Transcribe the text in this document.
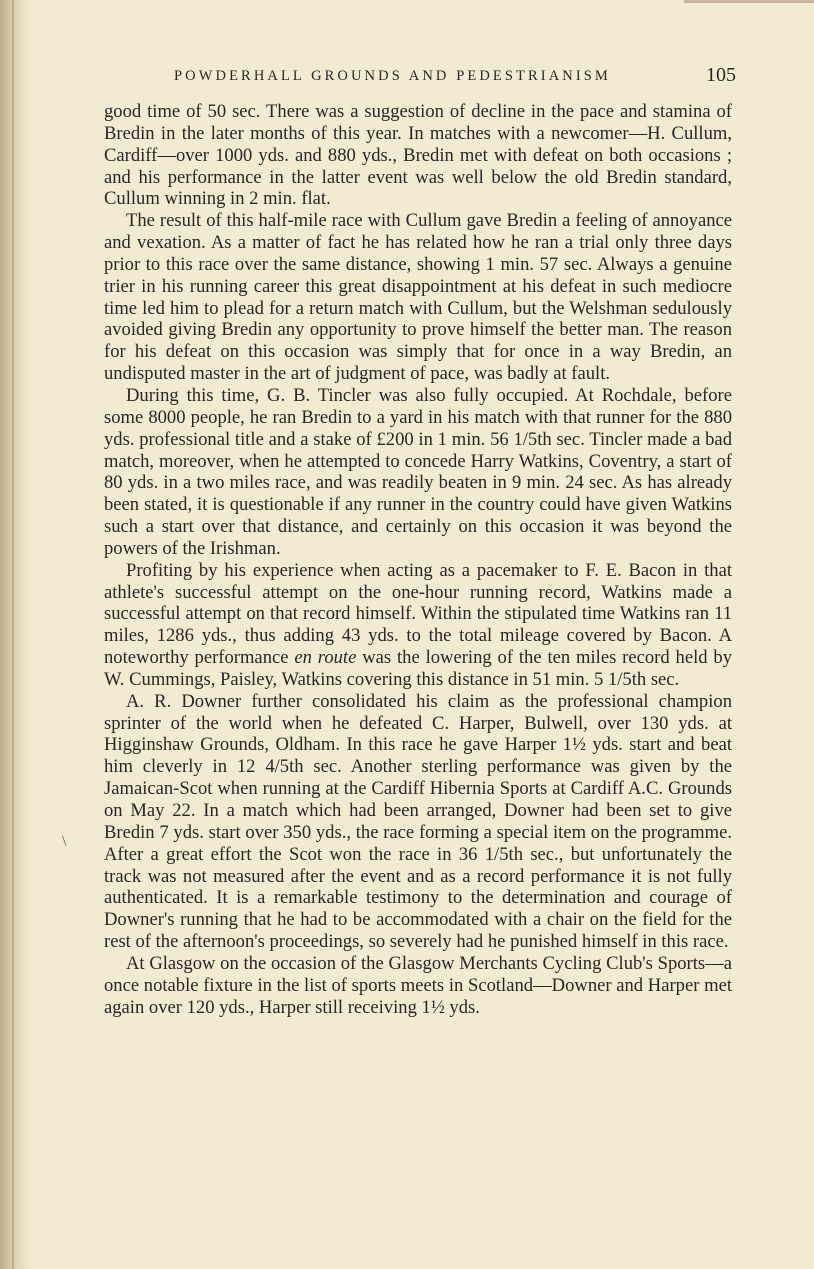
POWDERHALL GROUNDS AND PEDESTRIANISM	105
\

good time of 50 sec. There was a suggestion of decline in the pace and stamina of Bredin in the later months of this year. In matches with a newcomer—H. Cullum, Cardiff—over 1000 yds. and 880 yds., Bredin met with defeat on both occasions ; and his performance in the latter event was well below the old Bredin standard, Cullum winning in 2 min. flat.

The result of this half-mile race with Cullum gave Bredin a feeling of annoyance and vexation. As a matter of fact he has related how he ran a trial only three days prior to this race over the same distance, showing 1 min. 57 sec. Always a genuine trier in his running career this great disappointment at his defeat in such mediocre time led him to plead for a return match with Cullum, but the Welshman sedulously avoided giving Bredin any opportunity to prove himself the better man. The reason for his defeat on this occasion was simply that for once in a way Bredin, an undisputed master in the art of judgment of pace, was badly at fault.

During this time, G. B. Tincler was also fully occupied. At Rochdale, before some 8000 people, he ran Bredin to a yard in his match with that runner for the 880 yds. professional title and a stake of £200 in 1 min. 56 1/5th sec. Tincler made a bad match, moreover, when he attempted to concede Harry Watkins, Coventry, a start of 80 yds. in a two miles race, and was readily beaten in 9 min. 24 sec. As has already been stated, it is questionable if any runner in the country could have given Watkins such a start over that distance, and certainly on this occasion it was beyond the powers of the Irishman.

Profiting by his experience when acting as a pacemaker to F. E. Bacon in that athlete's successful attempt on the one-hour running record, Watkins made a successful attempt on that record himself. Within the stipulated time Watkins ran 11 miles, 1286 yds., thus adding 43 yds. to the total mileage covered by Bacon. A noteworthy performance en route was the lowering of the ten miles record held by W. Cummings, Paisley, Watkins covering this distance in 51 min. 5 1/5th sec.

A. R. Downer further consolidated his claim as the professional champion sprinter of the world when he defeated C. Harper, Bulwell, over 130 yds. at Higginshaw Grounds, Oldham. In this race he gave Harper 1½ yds. start and beat him cleverly in 12 4/5th sec. Another sterling performance was given by the Jamaican-Scot when running at the Cardiff Hibernia Sports at Cardiff A.C. Grounds on May 22. In a match which had been arranged, Downer had been set to give Bredin 7 yds. start over 350 yds., the race forming a special item on the programme. After a great effort the Scot won the race in 36 1/5th sec., but unfortunately the track was not measured after the event and as a record performance it is not fully authenticated. It is a remarkable testimony to the determination and courage of Downer's running that he had to be accommodated with a chair on the field for the rest of the afternoon's proceedings, so severely had he punished himself in this race.

At Glasgow on the occasion of the Glasgow Merchants Cycling Club's Sports—a once notable fixture in the list of sports meets in Scotland—Downer and Harper met again over 120 yds., Harper still receiving 1½ yds.
